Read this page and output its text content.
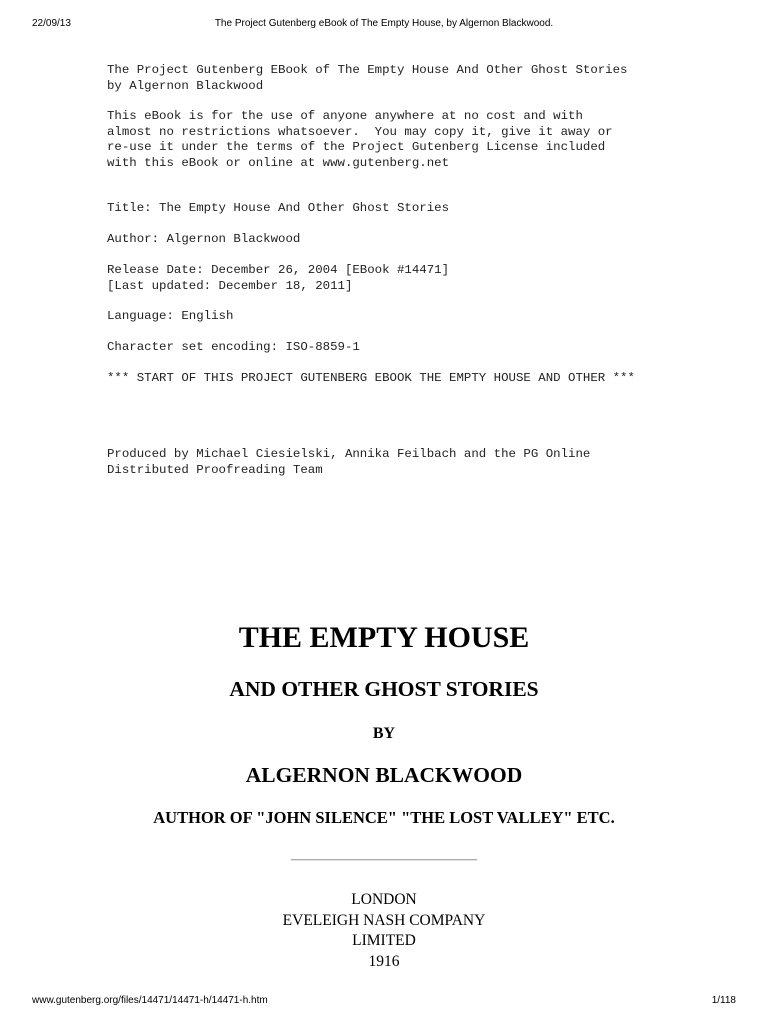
22/09/13	The Project Gutenberg eBook of The Empty House, by Algernon Blackwood.

The Project Gutenberg EBook of The Empty House And Other Ghost Stories

by Algernon Blackwood

This eBook is for the use of anyone anywhere at no cost and with

almost no restrictions whatsoever.  You may copy it, give it away or

re-use it under the terms of the Project Gutenberg License included

with this eBook or online at www.gutenberg.net

Title: The Empty House And Other Ghost Stories

Author: Algernon Blackwood

Release Date: December 26, 2004 [EBook #14471]

[Last updated: December 18, 2011]

Language: English

Character set encoding: ISO-8859-1

*** START OF THIS PROJECT GUTENBERG EBOOK THE EMPTY HOUSE AND OTHER ***

Produced by Michael Ciesielski, Annika Feilbach and the PG Online

Distributed Proofreading Team

THE EMPTY HOUSE
AND OTHER GHOST STORIES
BY
ALGERNON BLACKWOOD
AUTHOR OF "JOHN SILENCE" "THE LOST VALLEY" ETC.

LONDON

EVELEIGH NASH COMPANY

LIMITED

1916

www.gutenberg.org/files/14471/14471-h/14471-h.htm	1/118
